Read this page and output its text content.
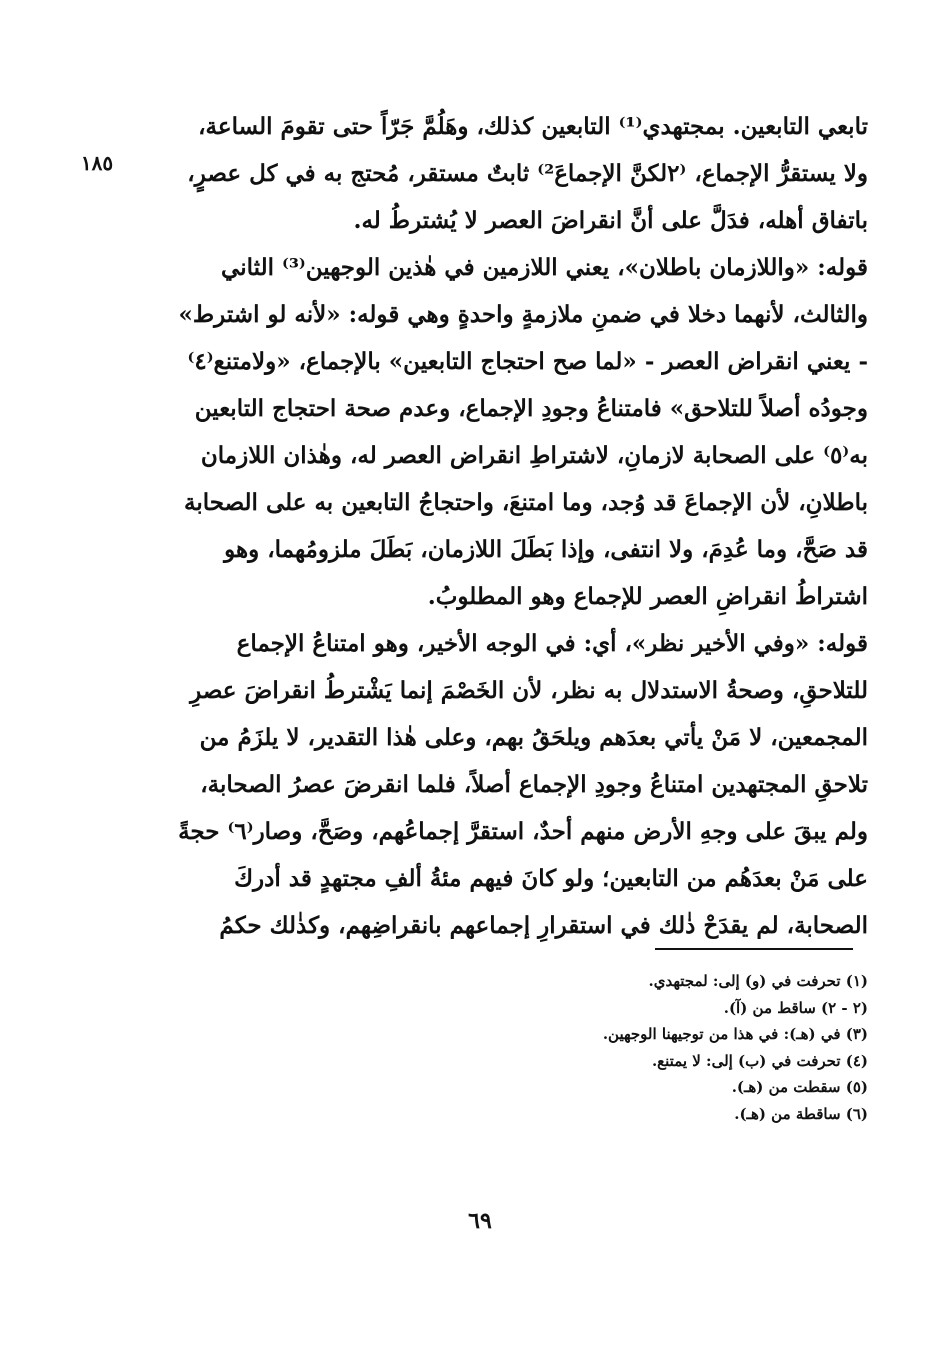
١٨٥
تابعي التابعين. بمجتهدي⁽¹⁾ التابعين كذلك، وهَلُمَّ جَرّاً حتى تقومَ الساعة،
ولا يستقرُّ الإجماع، ⁽٢لكنَّ الإجماعَ²⁾ ثابتٌ مستقر، مُحتج به في كل عصرٍ،
باتفاق أهله، فدَلَّ على أنَّ انقراضَ العصر لا يُشترطُ له.
قوله: «واللازمان باطلان»، يعني اللازمين في هٰذين الوجهين⁽³⁾ الثاني
والثالث، لأنهما دخلا في ضمنِ ملازمةٍ واحدةٍ وهي قوله: «لأنه لو اشترط»
- يعني انقراض العصر - «لما صح احتجاج التابعين» بالإجماع، «ولامتنع⁽٤⁾
وجودُه أصلاً للتلاحق» فامتناعُ وجودِ الإجماع، وعدم صحة احتجاج التابعين
به⁽٥⁾ على الصحابة لازمانِ، لاشتراطِ انقراض العصر له، وهٰذان اللازمان
باطلانِ، لأن الإجماعَ قد وُجد، وما امتنعَ، واحتجاجُ التابعين به على الصحابة
قد صَحَّ، وما عُدِمَ، ولا انتفى، وإذا بَطَلَ اللازمان، بَطَلَ ملزومُهما، وهو
اشتراطُ انقراضِ العصر للإجماع وهو المطلوبُ.
قوله: «وفي الأخير نظر»، أي: في الوجه الأخير، وهو امتناعُ الإجماع
للتلاحقِ، وصحةُ الاستدلال به نظر، لأن الخَصْمَ إنما يَشْترطُ انقراضَ عصرِ
المجمعين، لا مَنْ يأتي بعدَهم ويلحَقُ بهم، وعلى هٰذا التقدير، لا يلزَمُ من
تلاحقِ المجتهدين امتناعُ وجودِ الإجماع أصلاً، فلما انقرضَ عصرُ الصحابة،
ولم يبقَ على وجهِ الأرض منهم أحدٌ، استقرَّ إجماعُهم، وصَحَّ، وصار⁽٦⁾ حجةً
على مَنْ بعدَهُم من التابعين؛ ولو كانَ فيهم مئةُ ألفِ مجتهدٍ قد أدركَ
الصحابة، لم يقدَحْ ذٰلك في استقرارِ إجماعهم بانقراضِهم، وكذٰلك حكمُ
(١) تحرفت في (و) إلى: لمجتهدي.
(٢ - ٢) ساقط من (آ).
(٣) في (هـ): في هذا من توجيهنا الوجهين.
(٤) تحرفت في (ب) إلى: لا يمتنع.
(٥) سقطت من (هـ).
(٦) ساقطة من (هـ).
٦٩
